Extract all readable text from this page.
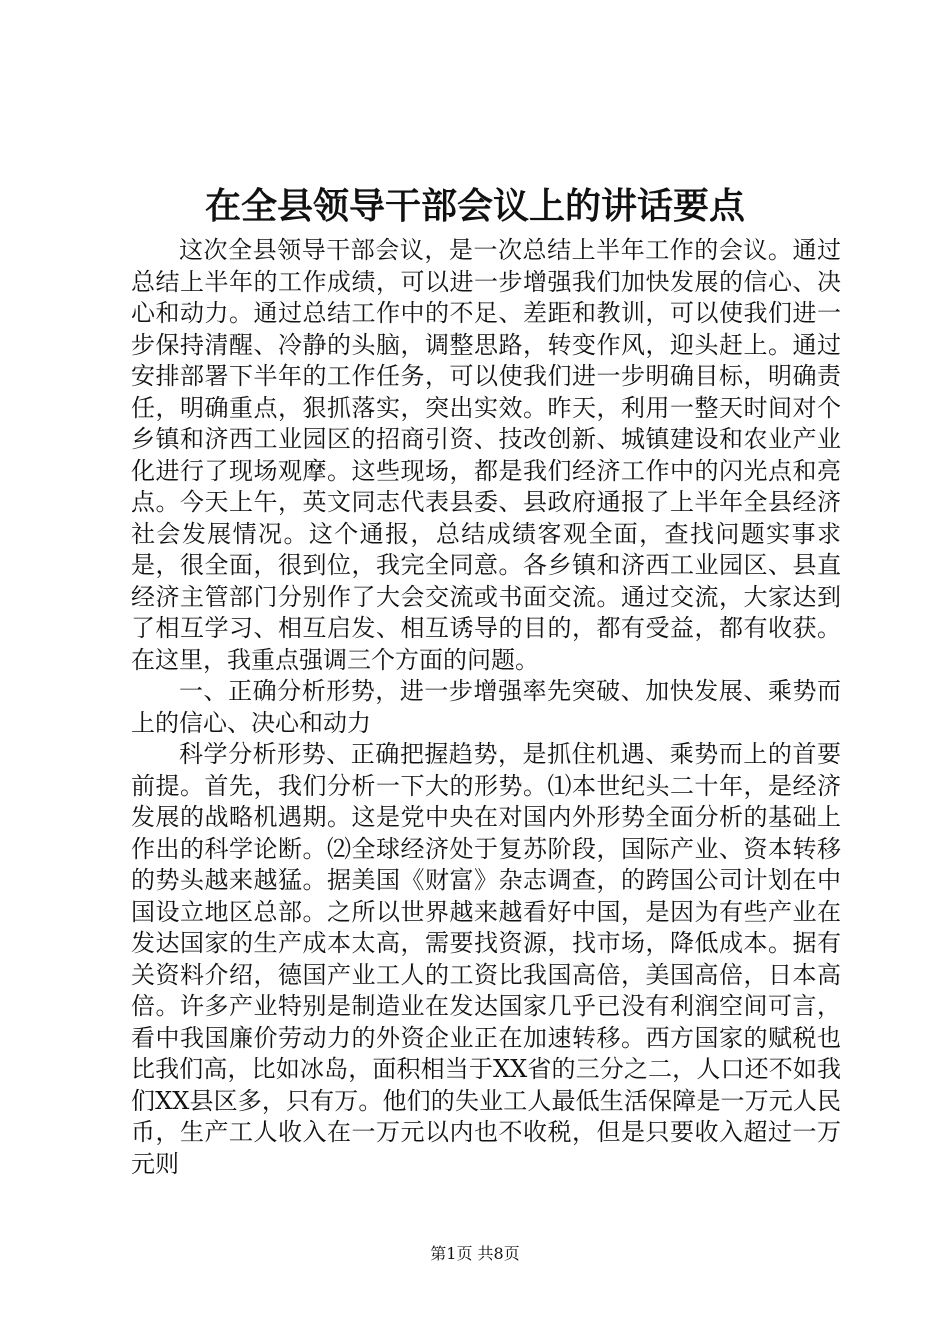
在全县领导干部会议上的讲话要点

这次全县领导干部会议，是一次总结上半年工作的会议。通过总结上半年的工作成绩，可以进一步增强我们加快发展的信心、决心和动力。通过总结工作中的不足、差距和教训，可以使我们进一步保持清醒、冷静的头脑，调整思路，转变作风，迎头赶上。通过安排部署下半年的工作任务，可以使我们进一步明确目标，明确责任，明确重点，狠抓落实，突出实效。昨天，利用一整天时间对个乡镇和济西工业园区的招商引资、技改创新、城镇建设和农业产业化进行了现场观摩。这些现场，都是我们经济工作中的闪光点和亮点。今天上午，英文同志代表县委、县政府通报了上半年全县经济社会发展情况。这个通报，总结成绩客观全面，查找问题实事求是，很全面，很到位，我完全同意。各乡镇和济西工业园区、县直经济主管部门分别作了大会交流或书面交流。通过交流，大家达到了相互学习、相互启发、相互诱导的目的，都有受益，都有收获。在这里，我重点强调三个方面的问题。

一、正确分析形势，进一步增强率先突破、加快发展、乘势而上的信心、决心和动力

科学分析形势、正确把握趋势，是抓住机遇、乘势而上的首要前提。首先，我们分析一下大的形势。⑴本世纪头二十年，是经济发展的战略机遇期。这是党中央在对国内外形势全面分析的基础上作出的科学论断。⑵全球经济处于复苏阶段，国际产业、资本转移的势头越来越猛。据美国《财富》杂志调查，的跨国公司计划在中国设立地区总部。之所以世界越来越看好中国，是因为有些产业在发达国家的生产成本太高，需要找资源，找市场，降低成本。据有关资料介绍，德国产业工人的工资比我国高倍，美国高倍，日本高倍。许多产业特别是制造业在发达国家几乎已没有利润空间可言，看中我国廉价劳动力的外资企业正在加速转移。西方国家的赋税也比我们高，比如冰岛，面积相当于XX省的三分之二，人口还不如我们XX县区多，只有万。他们的失业工人最低生活保障是一万元人民币，生产工人收入在一万元以内也不收税，但是只要收入超过一万元则

第1页 共8页
